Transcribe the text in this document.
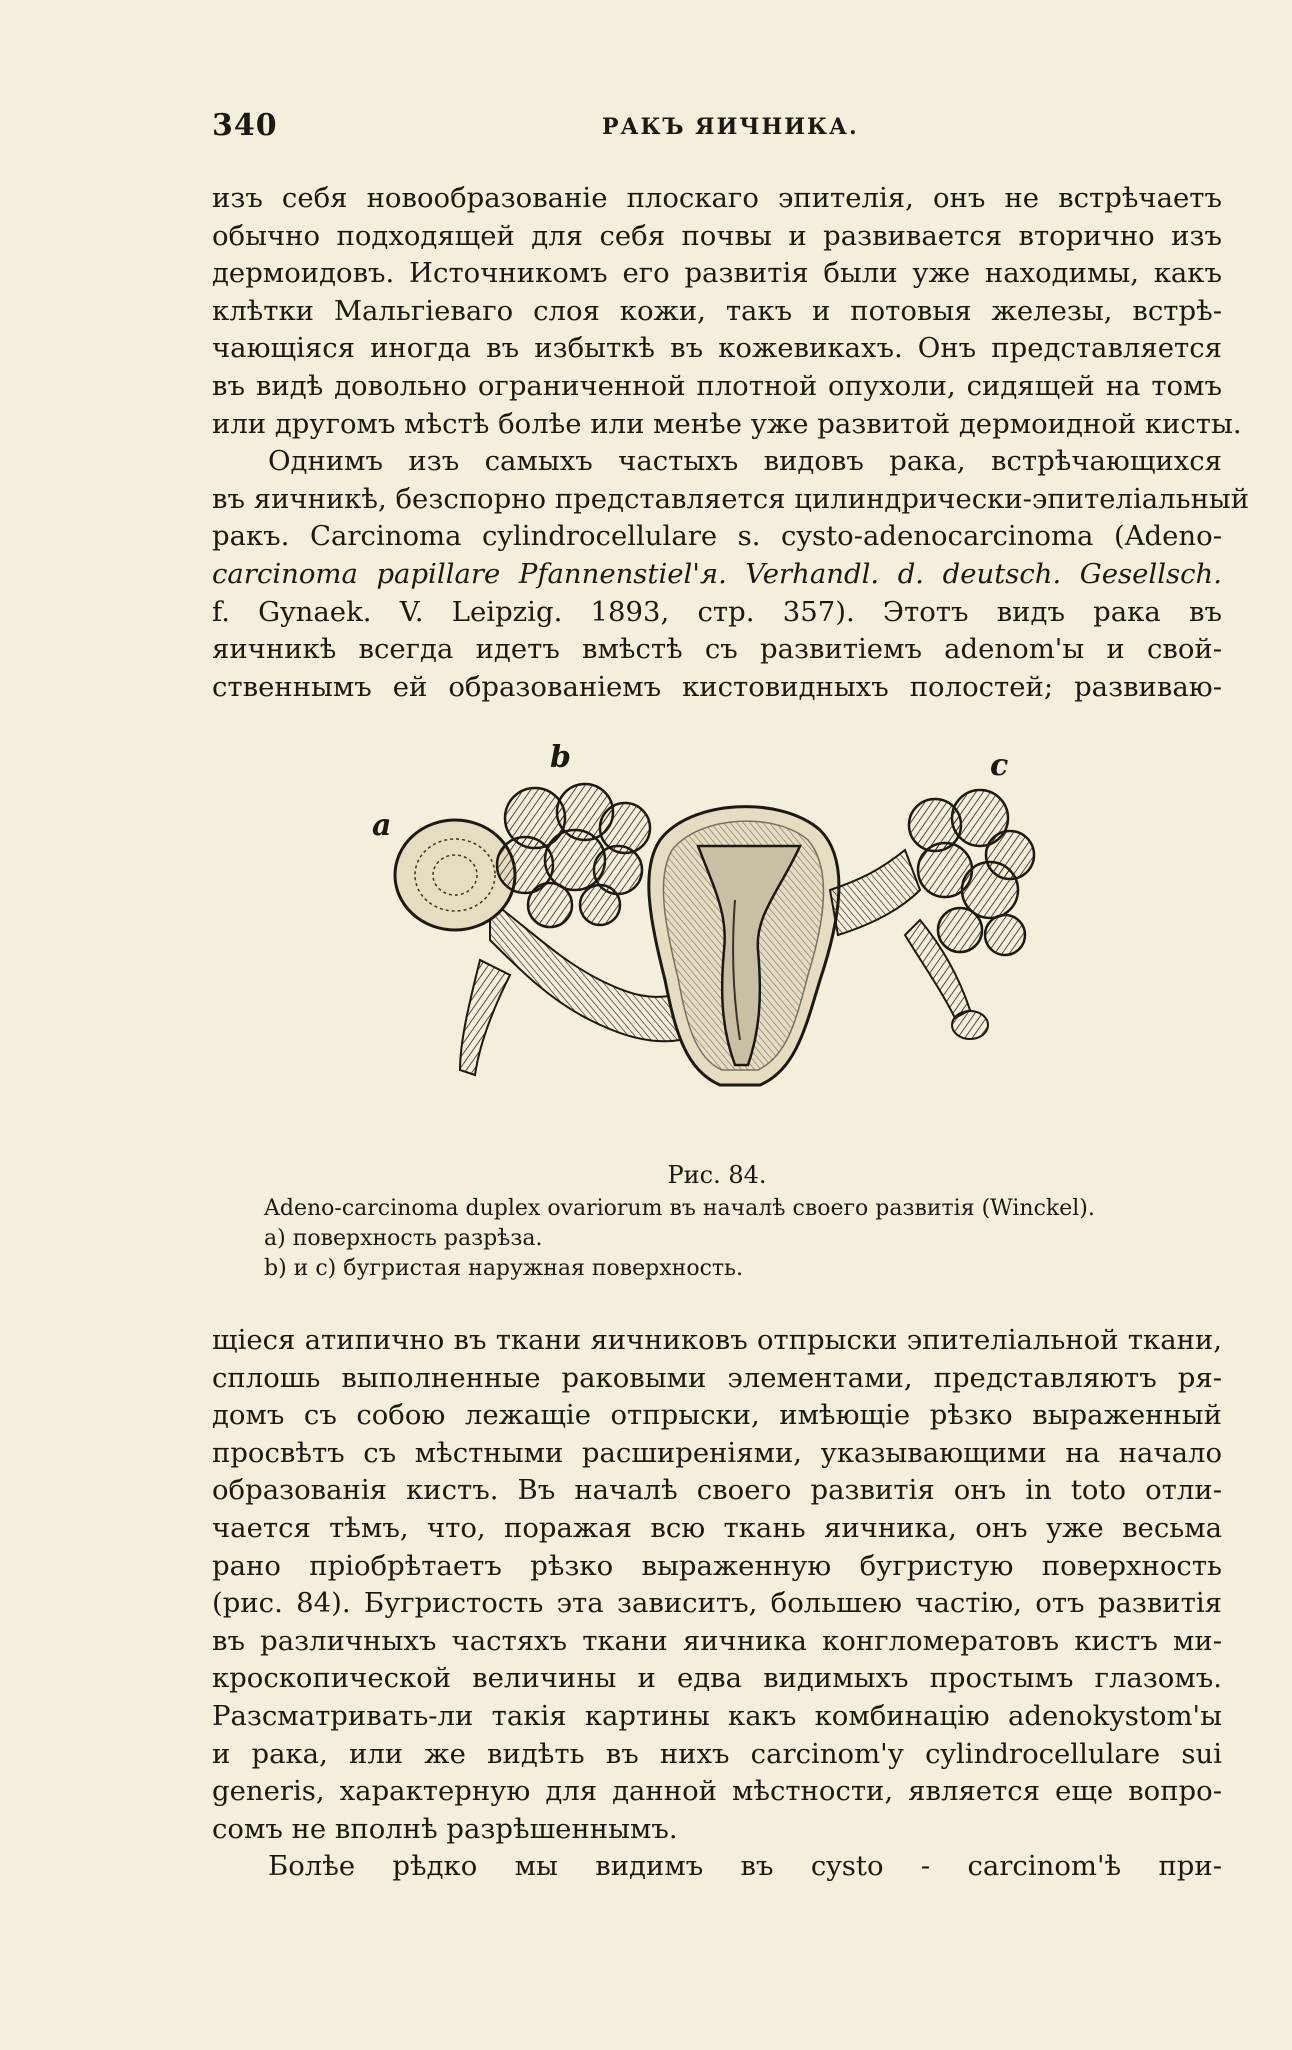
340	РАКЪ ЯИЧНИКА.
изъ себя новообразованіе плоскаго эпителія, онъ не встрѣчаетъ
обычно подходящей для себя почвы и развивается вторично изъ
дермоидовъ. Источникомъ его развитія были уже находимы, какъ
клѣтки Мальгіеваго слоя кожи, такъ и потовыя железы, встрѣ-
чающіяся иногда въ избыткѣ въ кожевикахъ. Онъ представляется
въ видѣ довольно ограниченной плотной опухоли, сидящей на томъ
или другомъ мѣстѣ болѣе или менѣе уже развитой дермоидной кисты.
Однимъ изъ самыхъ частыхъ видовъ рака, встрѣчающихся
въ яичникѣ, безспорно представляется цилиндрически-эпителіальный
ракъ. Carcinoma cylindrocellulare s. cysto-adenocarcinoma (Adeno-
carcinoma papillare Pfannenstiel'я. Verhandl. d. deutsch. Gesellsch.
f. Gynaek. V. Leipzig. 1893, стр. 357). Этотъ видъ рака въ
яичникѣ всегда идетъ вмѣстѣ съ развитіемъ adenom'ы и свой-
ственнымъ ей образованіемъ кистовидныхъ полостей; развиваю-
b	c
a
Рис. 84.
Adeno-carcinoma duplex ovariorum въ началѣ своего развитія (Winckel).
a) поверхность разрѣза.
b) и c) бугристая наружная поверхность.
щіеся атипично въ ткани яичниковъ отпрыски эпителіальной ткани,
сплошь выполненные раковыми элементами, представляютъ ря-
домъ съ собою лежащіе отпрыски, имѣющіе рѣзко выраженный
просвѣтъ съ мѣстными расширеніями, указывающими на начало
образованія кистъ. Въ началѣ своего развитія онъ in toto отли-
чается тѣмъ, что, поражая всю ткань яичника, онъ уже весьма
рано пріобрѣтаетъ рѣзко выраженную бугристую поверхность
(рис. 84). Бугристость эта зависитъ, большею частію, отъ развитія
въ различныхъ частяхъ ткани яичника конгломератовъ кистъ ми-
кроскопической величины и едва видимыхъ простымъ глазомъ.
Разсматривать-ли такія картины какъ комбинацію adenokystom'ы
и рака, или же видѣть въ нихъ carcinom'у cylindrocellulare sui
generis, характерную для данной мѣстности, является еще вопро-
сомъ не вполнѣ разрѣшеннымъ.
Болѣе рѣдко мы видимъ въ cysto - carcinom'ѣ при-
